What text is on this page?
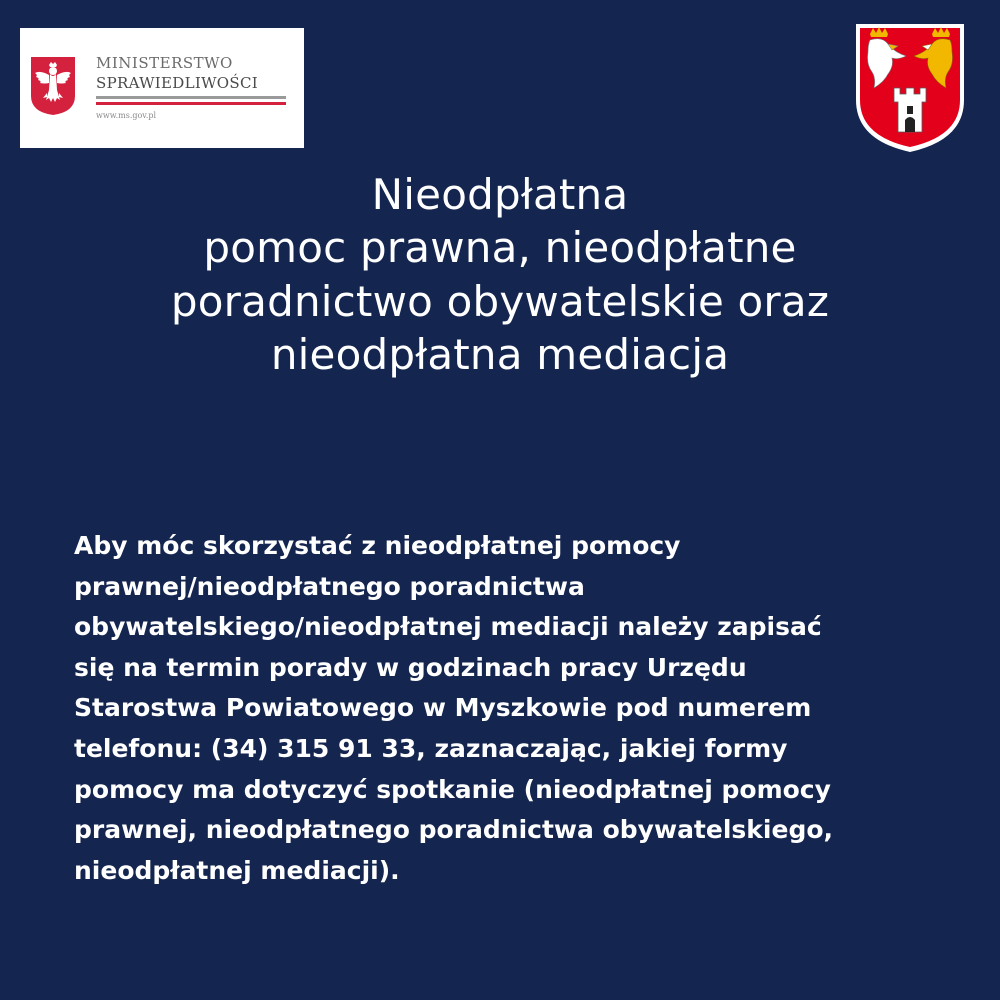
MINISTERSTWO
SPRAWIEDLIWOŚCI
www.ms.gov.pl
Nieodpłatna
pomoc prawna, nieodpłatne
poradnictwo obywatelskie oraz
nieodpłatna mediacja
Aby móc skorzystać z nieodpłatnej pomocy
prawnej/nieodpłatnego poradnictwa
obywatelskiego/nieodpłatnej mediacji należy zapisać
się na termin porady w godzinach pracy Urzędu
Starostwa Powiatowego w Myszkowie pod numerem
telefonu: (34) 315 91 33, zaznaczając, jakiej formy
pomocy ma dotyczyć spotkanie (nieodpłatnej pomocy
prawnej, nieodpłatnego poradnictwa obywatelskiego,
nieodpłatnej mediacji).
